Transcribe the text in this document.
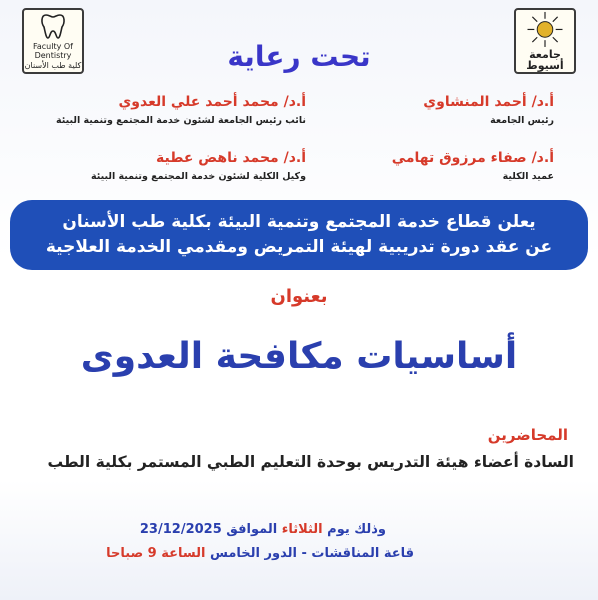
Faculty Of Dentistry
كلية طب الأسنان
جامعة
أسيوط
تحت رعاية
أ.د/ أحمد المنشاوي
رئيس الجامعة
أ.د/ محمد أحمد علي العدوي
نائب رئيس الجامعة لشئون خدمة المجتمع وتنمية البيئة
أ.د/ صفاء مرزوق تهامي
عميد الكلية
أ.د/ محمد ناهض عطية
وكيل الكلية لشئون خدمة المجتمع وتنمية البيئة
يعلن قطاع خدمة المجتمع وتنمية البيئة بكلية طب الأسنان
عن عقد دورة تدريبية لهيئة التمريض ومقدمي الخدمة العلاجية
بعنوان
أساسيات مكافحة العدوى
المحاضرين
السادة أعضاء هيئة التدريس بوحدة التعليم الطبي المستمر بكلية الطب
وذلك يوم الثلاثاء الموافق 23/12/2025
قاعة المناقشات - الدور الخامس الساعة 9 صباحا
